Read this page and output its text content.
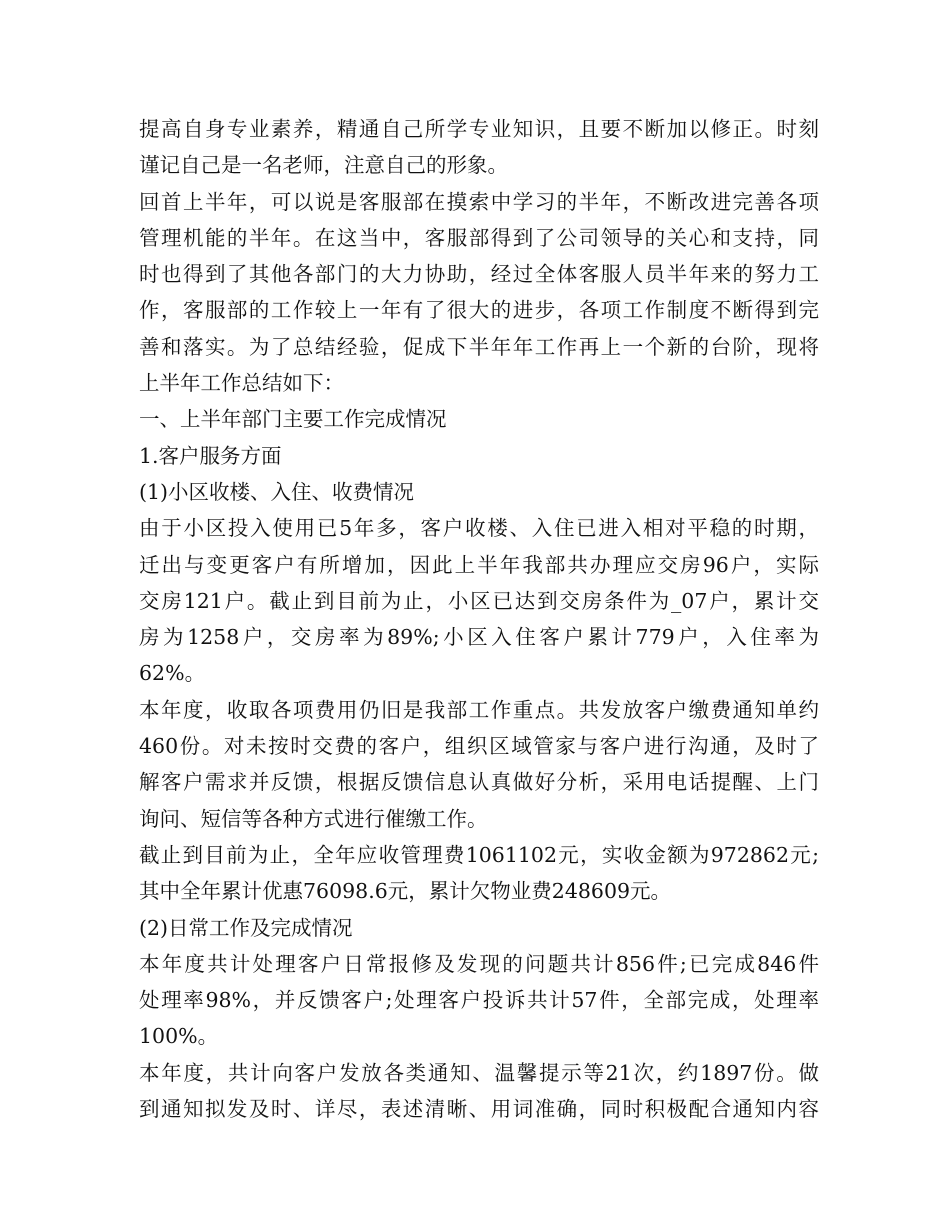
提高自身专业素养，精通自己所学专业知识，且要不断加以修正。时刻
谨记自己是一名老师，注意自己的形象。
回首上半年，可以说是客服部在摸索中学习的半年，不断改进完善各项
管理机能的半年。在这当中，客服部得到了公司领导的关心和支持，同
时也得到了其他各部门的大力协助，经过全体客服人员半年来的努力工
作，客服部的工作较上一年有了很大的进步，各项工作制度不断得到完
善和落实。为了总结经验，促成下半年年工作再上一个新的台阶，现将
上半年工作总结如下：
一、上半年部门主要工作完成情况
1.客户服务方面
(1)小区收楼、入住、收费情况
由于小区投入使用已5年多，客户收楼、入住已进入相对平稳的时期，
迁出与变更客户有所增加，因此上半年我部共办理应交房96户，实际
交房121户。截止到目前为止，小区已达到交房条件为_07户，累计交
房为1258户，交房率为89%;小区入住客户累计779户，入住率为
62%。
本年度，收取各项费用仍旧是我部工作重点。共发放客户缴费通知单约
460份。对未按时交费的客户，组织区域管家与客户进行沟通，及时了
解客户需求并反馈，根据反馈信息认真做好分析，采用电话提醒、上门
询问、短信等各种方式进行催缴工作。
截止到目前为止，全年应收管理费1061102元，实收金额为972862元;
其中全年累计优惠76098.6元，累计欠物业费248609元。
(2)日常工作及完成情况
本年度共计处理客户日常报修及发现的问题共计856件;已完成846件
处理率98%，并反馈客户;处理客户投诉共计57件，全部完成，处理率
100%。
本年度，共计向客户发放各类通知、温馨提示等21次，约1897份。做
到通知拟发及时、详尽，表述清晰、用词准确，同时积极配合通知内容
